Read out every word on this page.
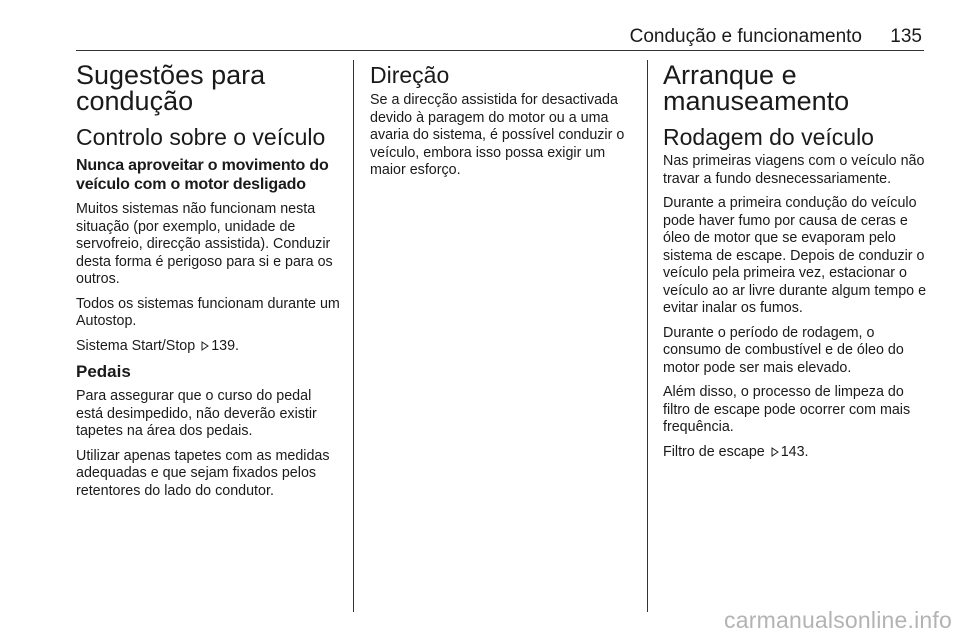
Condução e funcionamento 135
Sugestões para condução
Controlo sobre o veículo
Nunca aproveitar o movimento do veículo com o motor desligado

Muitos sistemas não funcionam nesta situação (por exemplo, unidade de servofreio, direcção assistida). Conduzir desta forma é perigoso para si e para os outros.

Todos os sistemas funcionam durante um Autostop.

Sistema Start/Stop 139.

Pedais

Para assegurar que o curso do pedal está desimpedido, não deverão existir tapetes na área dos pedais.

Utilizar apenas tapetes com as medidas adequadas e que sejam fixados pelos retentores do lado do condutor.

Direção

Se a direcção assistida for desactivada devido à paragem do motor ou a uma avaria do sistema, é possível conduzir o veículo, embora isso possa exigir um maior esforço.

Arranque e manuseamento
Rodagem do veículo

Nas primeiras viagens com o veículo não travar a fundo desnecessariamente.

Durante a primeira condução do veículo pode haver fumo por causa de ceras e óleo de motor que se evaporam pelo sistema de escape. Depois de conduzir o veículo pela primeira vez, estacionar o veículo ao ar livre durante algum tempo e evitar inalar os fumos.

Durante o período de rodagem, o consumo de combustível e de óleo do motor pode ser mais elevado.

Além disso, o processo de limpeza do filtro de escape pode ocorrer com mais frequência.

Filtro de escape 143.

carmanualsonline.info
